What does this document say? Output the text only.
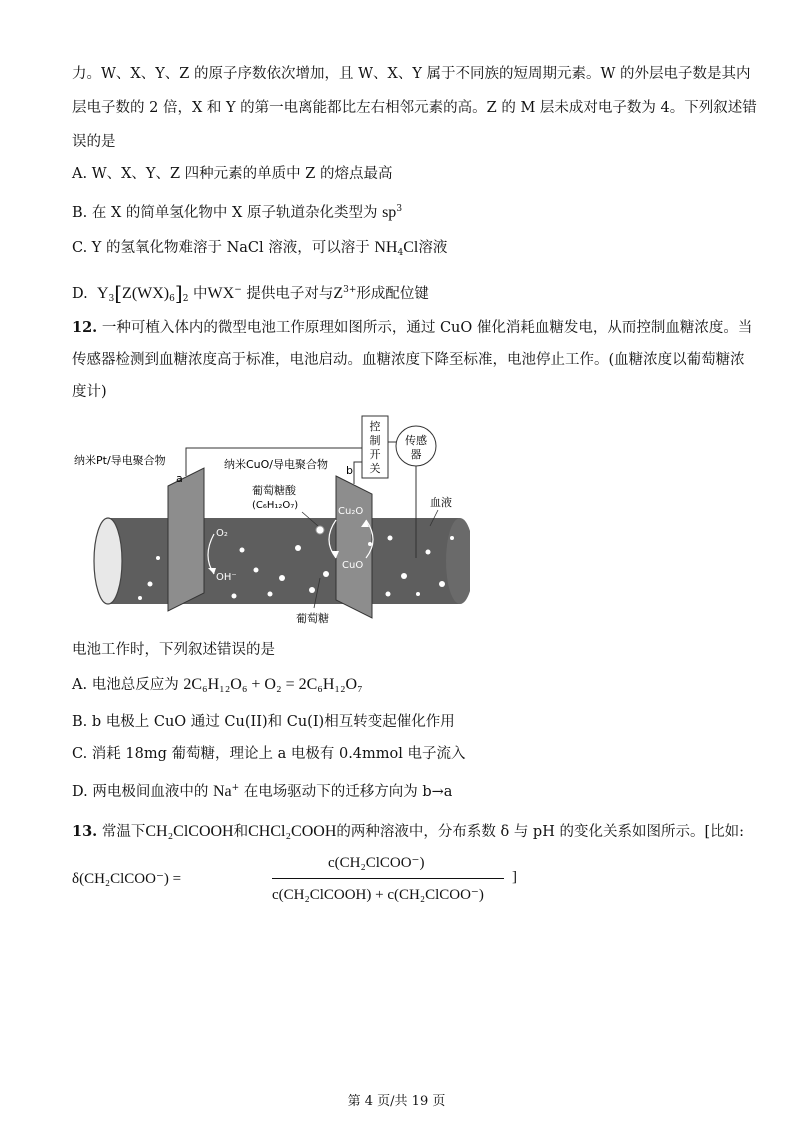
力。W、X、Y、Z 的原子序数依次增加，且 W、X、Y 属于不同族的短周期元素。W 的外层电子数是其内
层电子数的 2 倍，X 和 Y 的第一电离能都比左右相邻元素的高。Z 的 M 层未成对电子数为 4。下列叙述错
误的是
A. W、X、Y、Z 四种元素的单质中 Z 的熔点最高
B. 在 X 的简单氢化物中 X 原子轨道杂化类型为 $sp^3$
C. Y 的氢氧化物难溶于 NaCl 溶液，可以溶于 $NH_4Cl$溶液
D. $Y_3[Z(WX)_6]_2$ 中WX− 提供电子对与$Z^{3+}$形成配位键
12. 一种可植入体内的微型电池工作原理如图所示，通过 CuO 催化消耗血糖发电，从而控制血糖浓度。当
传感器检测到血糖浓度高于标准，电池启动。血糖浓度下降至标准，电池停止工作。(血糖浓度以葡萄糖浓
度计)
控
制
开
关
传感
器
纳米Pt/导电聚合物
a
纳米CuO/导电聚合物 b
葡萄糖酸
(C₆H₁₂O₇)	血液
O₂
OH⁻
Cu₂O
CuO
葡萄糖
电池工作时，下列叙述错误的是
A. 电池总反应为 2C₆H₁₂O₆ + O₂ = 2C₆H₁₂O₇
B. b 电极上 CuO 通过 Cu(II)和 Cu(I)相互转变起催化作用
C. 消耗 18mg 葡萄糖，理论上 a 电极有 0.4mmol 电子流入
D. 两电极间血液中的 Na+ 在电场驱动下的迁移方向为 b→a
13. 常温下CH₂ClCOOH和CHCl₂COOH的两种溶液中，分布系数 δ 与 pH 的变化关系如图所示。[比如:
δ(CH₂ClCOO⁻) =
c(CH₂ClCOO⁻)
c(CH₂ClCOOH) + c(CH₂ClCOO⁻)
]
第 4 页/共 19 页
